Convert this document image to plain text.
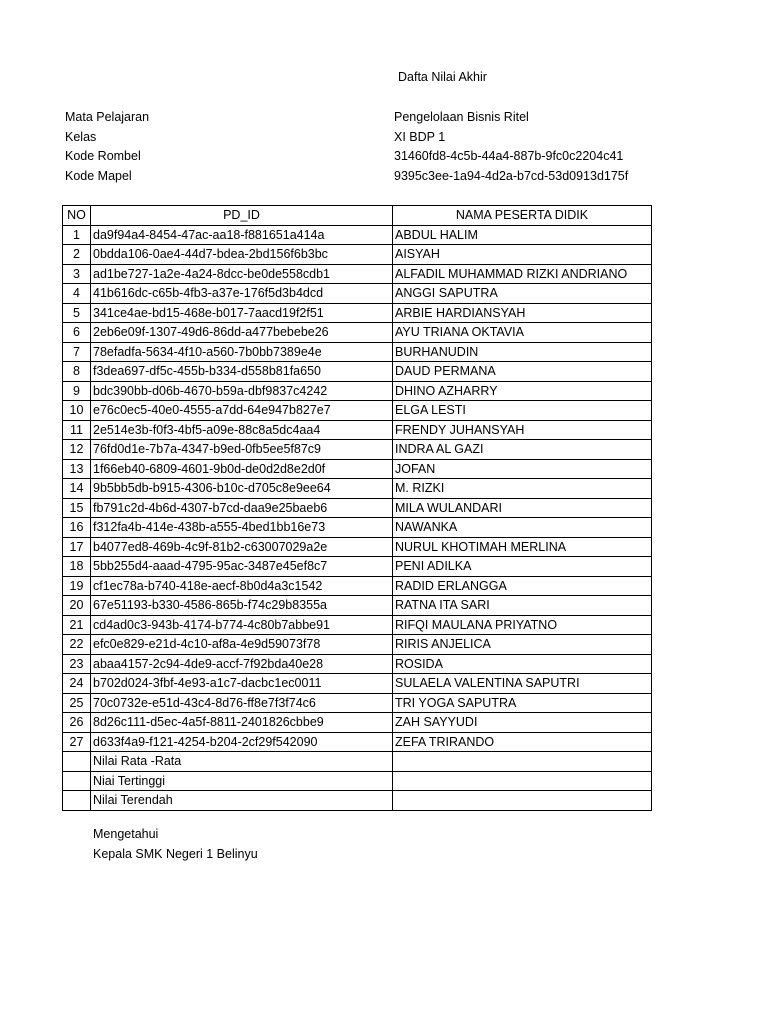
Dafta Nilai Akhir
Mata Pelajaran	Pengelolaan Bisnis Ritel
Kelas	XI BDP 1
Kode Rombel	31460fd8-4c5b-44a4-887b-9fc0c2204c41
Kode Mapel	9395c3ee-1a94-4d2a-b7cd-53d0913d175f
NO	PD_ID	NAMA PESERTA DIDIK
1	da9f94a4-8454-47ac-aa18-f881651a414a	ABDUL HALIM
2	0bdda106-0ae4-44d7-bdea-2bd156f6b3bc	AISYAH
3	ad1be727-1a2e-4a24-8dcc-be0de558cdb1	ALFADIL MUHAMMAD RIZKI ANDRIANO
4	41b616dc-c65b-4fb3-a37e-176f5d3b4dcd	ANGGI SAPUTRA
5	341ce4ae-bd15-468e-b017-7aacd19f2f51	ARBIE HARDIANSYAH
6	2eb6e09f-1307-49d6-86dd-a477bebebe26	AYU TRIANA OKTAVIA
7	78efadfa-5634-4f10-a560-7b0bb7389e4e	BURHANUDIN
8	f3dea697-df5c-455b-b334-d558b81fa650	DAUD PERMANA
9	bdc390bb-d06b-4670-b59a-dbf9837c4242	DHINO AZHARRY
10	e76c0ec5-40e0-4555-a7dd-64e947b827e7	ELGA LESTI
11	2e514e3b-f0f3-4bf5-a09e-88c8a5dc4aa4	FRENDY JUHANSYAH
12	76fd0d1e-7b7a-4347-b9ed-0fb5ee5f87c9	INDRA AL GAZI
13	1f66eb40-6809-4601-9b0d-de0d2d8e2d0f	JOFAN
14	9b5bb5db-b915-4306-b10c-d705c8e9ee64	M. RIZKI
15	fb791c2d-4b6d-4307-b7cd-daa9e25baeb6	MILA WULANDARI
16	f312fa4b-414e-438b-a555-4bed1bb16e73	NAWANKA
17	b4077ed8-469b-4c9f-81b2-c63007029a2e	NURUL KHOTIMAH MERLINA
18	5bb255d4-aaad-4795-95ac-3487e45ef8c7	PENI ADILKA
19	cf1ec78a-b740-418e-aecf-8b0d4a3c1542	RADID ERLANGGA
20	67e51193-b330-4586-865b-f74c29b8355a	RATNA ITA SARI
21	cd4ad0c3-943b-4174-b774-4c80b7abbe91	RIFQI MAULANA PRIYATNO
22	efc0e829-e21d-4c10-af8a-4e9d59073f78	RIRIS ANJELICA
23	abaa4157-2c94-4de9-accf-7f92bda40e28	ROSIDA
24	b702d024-3fbf-4e93-a1c7-dacbc1ec0011	SULAELA VALENTINA SAPUTRI
25	70c0732e-e51d-43c4-8d76-ff8e7f3f74c6	TRI YOGA SAPUTRA
26	8d26c111-d5ec-4a5f-8811-2401826cbbe9	ZAH SAYYUDI
27	d633f4a9-f121-4254-b204-2cf29f542090	ZEFA TRIRANDO
	Nilai Rata -Rata	
	Niai Tertinggi	
	Nilai Terendah	
Mengetahui
Kepala SMK Negeri 1 Belinyu
